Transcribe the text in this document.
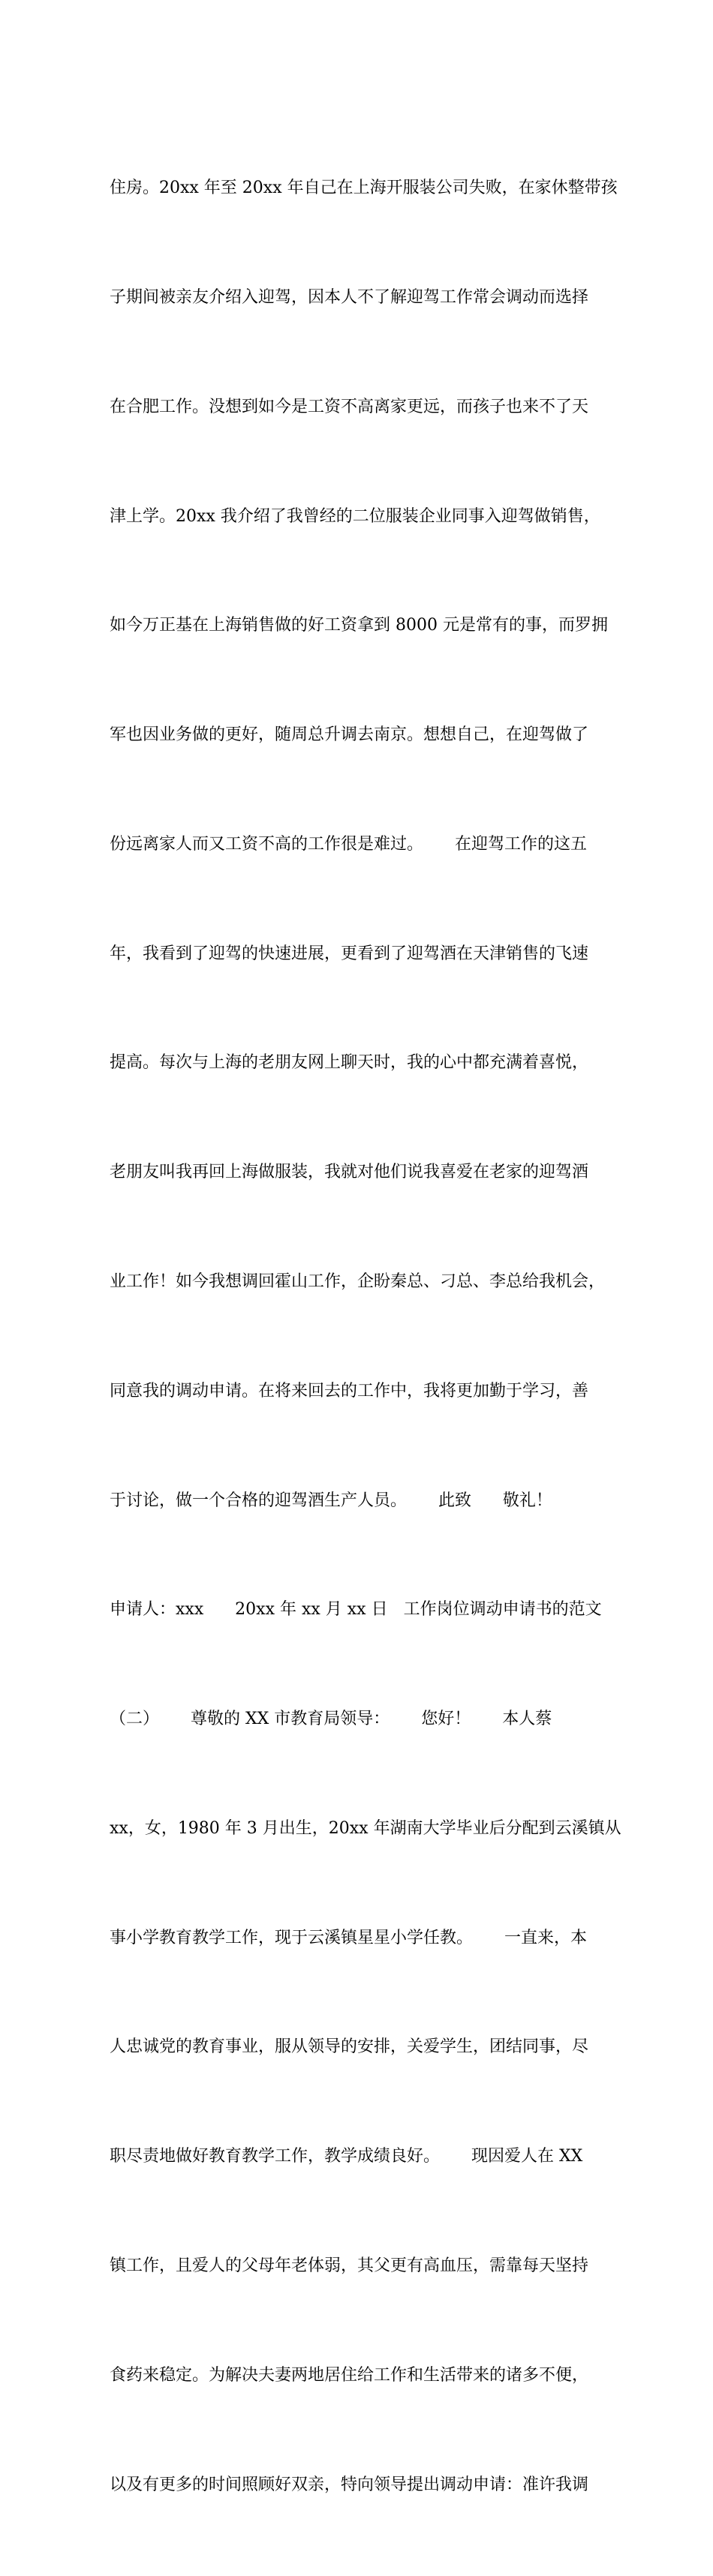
住房。20xx 年至 20xx 年自己在上海开服装公司失败，在家休整带孩

子期间被亲友介绍入迎驾，因本人不了解迎驾工作常会调动而选择

在合肥工作。没想到如今是工资不高离家更远，而孩子也来不了天

津上学。20xx 我介绍了我曾经的二位服装企业同事入迎驾做销售，

如今万正基在上海销售做的好工资拿到 8000 元是常有的事，而罗拥

军也因业务做的更好，随周总升调去南京。想想自己，在迎驾做了

份远离家人而又工资不高的工作很是难过。      在迎驾工作的这五

年，我看到了迎驾的快速进展，更看到了迎驾酒在天津销售的飞速

提高。每次与上海的老朋友网上聊天时，我的心中都充满着喜悦，

老朋友叫我再回上海做服装，我就对他们说我喜爱在老家的迎驾酒

业工作！如今我想调回霍山工作，企盼秦总、刁总、李总给我机会，

同意我的调动申请。在将来回去的工作中，我将更加勤于学习，善

于讨论，做一个合格的迎驾酒生产人员。      此致      敬礼！

申请人：xxx      20xx 年 xx 月 xx 日   工作岗位调动申请书的范文

（二）      尊敬的 XX 市教育局领导：      您好！      本人蔡

xx，女，1980 年 3 月出生，20xx 年湖南大学毕业后分配到云溪镇从

事小学教育教学工作，现于云溪镇星星小学任教。      一直来，本

人忠诚党的教育事业，服从领导的安排，关爱学生，团结同事，尽

职尽责地做好教育教学工作，教学成绩良好。      现因爱人在 XX

镇工作，且爱人的父母年老体弱，其父更有高血压，需靠每天坚持

食药来稳定。为解决夫妻两地居住给工作和生活带来的诸多不便，

以及有更多的时间照顾好双亲，特向领导提出调动申请：准许我调
